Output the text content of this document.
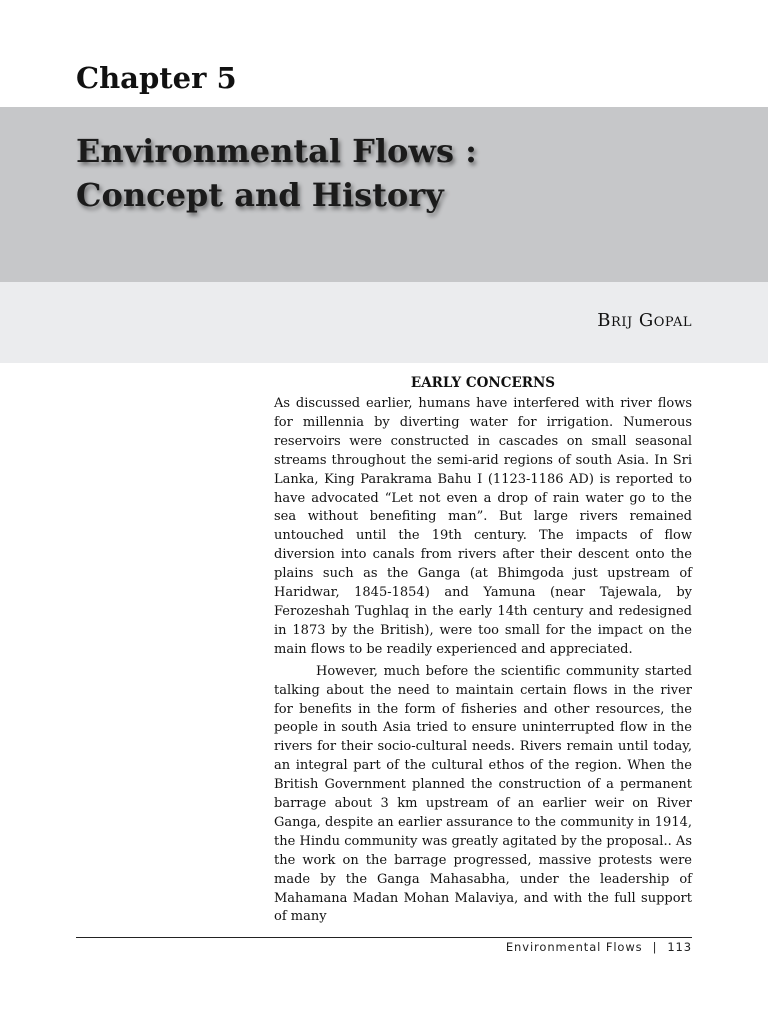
Chapter 5
Environmental Flows :
Concept and History
Brij Gopal
EARLY CONCERNS

As discussed earlier, humans have interfered with river flows for millennia by diverting water for irrigation. Numerous reservoirs were constructed in cascades on small seasonal streams throughout the semi-arid regions of south Asia. In Sri Lanka, King Parakrama Bahu I (1123-1186 AD) is reported to have advocated “Let not even a drop of rain water go to the sea without benefiting man”. But large rivers remained untouched until the 19th century. The impacts of flow diversion into canals from rivers after their descent onto the plains such as the Ganga (at Bhimgoda just upstream of Haridwar, 1845-1854) and Yamuna (near Tajewala, by Ferozeshah Tughlaq in the early 14th century and redesigned in 1873 by the British), were too small for the impact on the main flows to be readily experienced and appreciated.

However, much before the scientific community started talking about the need to maintain certain flows in the river for benefits in the form of fisheries and other resources, the people in south Asia tried to ensure uninterrupted flow in the rivers for their socio-cultural needs. Rivers remain until today, an integral part of the cultural ethos of the region. When the British Government planned the construction of a permanent barrage about 3 km upstream of an earlier weir on River Ganga, despite an earlier assurance to the community in 1914, the Hindu community was greatly agitated by the proposal.. As the work on the barrage progressed, massive protests were made by the Ganga Mahasabha, under the leadership of Mahamana Madan Mohan Malaviya, and with the full support of many

Environmental Flows | 113
